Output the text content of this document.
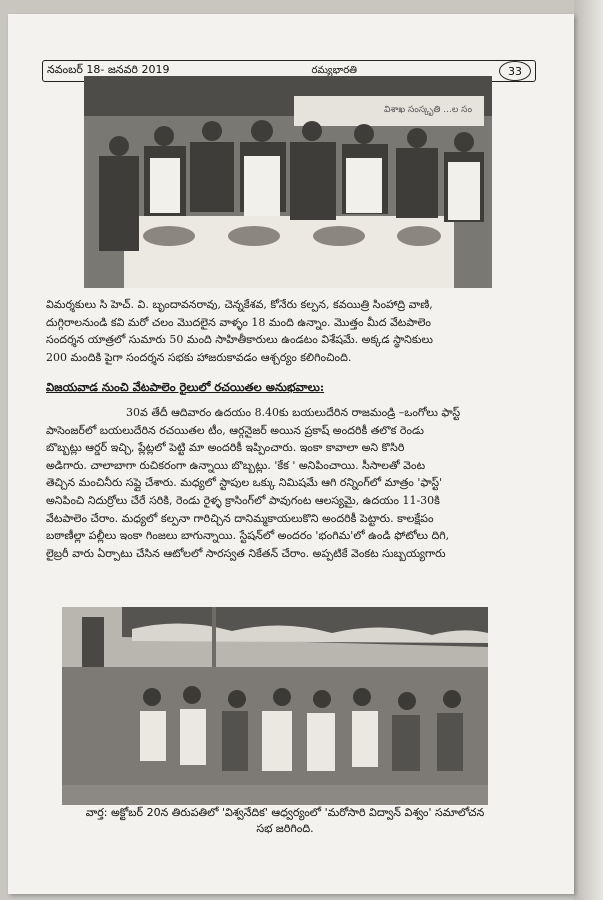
నవంబర్ 18- జనవరి 2019	రమ్యభారతి	33
విశాఖ సంస్కృతి ...ల సం
విమర్శకులు సి హెచ్. వి. బృందావనరావు, చెన్నకేశవ, కోనేరు కల్పన, కవయిత్రి సింహాద్రి వాణి,
దుగ్గిరాలనుండి కవి మరో చలం మొదలైన వాళ్ళం 18 మంది ఉన్నాం. మొత్తం మీద వేటపాలెం
సందర్శన యాత్రలో సుమారు 50 మంది సాహితీకారులు ఉండటం విశేషమే. అక్కడ స్థానికులు
200 మందికి పైగా సందర్శన సభకు హాజరుకావడం ఆశ్చర్యం కలిగించింది.
విజయవాడ నుంచి వేటపాలెం రైలులో రచయితల అనుభవాలు:
30వ తేదీ ఆదివారం ఉదయం 8.40కు బయలుదేరిన రాజమండ్రి –ఒంగోలు ఫాస్ట్
పాసెంజర్‌లో బయలుదేరిన రచయితల టీం, ఆర్గనైజర్ అయిన ప్రకాష్ అందరికీ తలొక రెండు
బొబ్బట్లు ఆర్డర్ ఇచ్చి, ప్లేట్లలో పెట్టి మా అందరికీ ఇప్పించారు. ఇంకా కావాలా అని కొసిరి
అడిగారు. చాలాబాగా రుచికరంగా ఉన్నాయి బొబ్బట్లు. 'కేక ' అనిపించాయి. సీసాలతో వెంట
తెచ్చిన మంచినీరు సప్లై చేశారు. మధ్యలో స్టాపుల ఒక్కు నిమిషమే ఆగి రన్నింగ్‌లో మాత్రం 'ఫాస్ట్'
అనిపించి నిదుర్రోలు చేరే సరికి, రెండు రైళ్ళ క్రాసింగ్‌లో పావుగంట ఆలస్యమై, ఉదయం 11-30కి
వేటపాలెం చేరాం. మధ్యలో కల్పనా గారిచ్చిన దానిమ్మకాయలుకొని అందరికీ పెట్టారు. కాలక్షేపం
బఠాణీల్లా పల్లీలు ఇంకా గింజలు బాగున్నాయి. స్టేషన్‌లో అందరం 'భంగిమ'లో ఉండి ఫోటోలు దిగి,
లైబ్రరీ వారు ఏర్పాటు చేసిన ఆటోలలో సారస్వత నికేతన్ చేరాం. అప్పటికే వెంకట సుబ్బయ్యగారు
వార్త: అక్టోబర్ 20న తిరుపతిలో 'విశ్వనేదిక' ఆధ్వర్యంలో 'మరోసారి విద్వాన్ విశ్వం' సమాలోచన
సభ జరిగింది.
